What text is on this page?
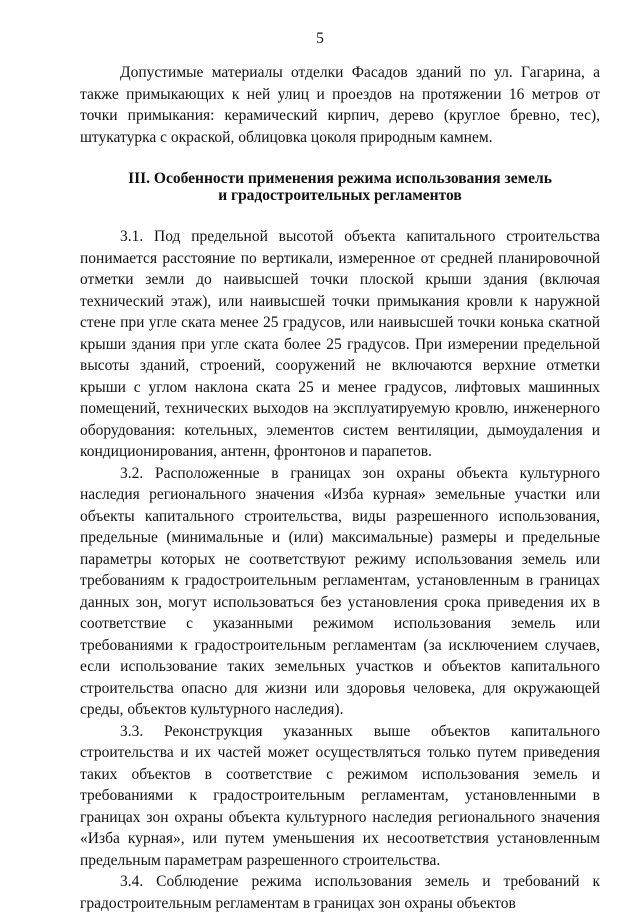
5

Допустимые материалы отделки Фасадов зданий по ул. Гагарина, а также примыкающих к ней улиц и проездов на протяжении 16 метров от точки примыкания: керамический кирпич, дерево (круглое бревно, тес), штукатурка с окраской, облицовка цоколя природным камнем.

III. Особенности применения режима использования земель
и градостроительных регламентов

3.1. Под предельной высотой объекта капитального строительства понимается расстояние по вертикали, измеренное от средней планировочной отметки земли до наивысшей точки плоской крыши здания (включая технический этаж), или наивысшей точки примыкания кровли к наружной стене при угле ската менее 25 градусов, или наивысшей точки конька скатной крыши здания при угле ската более 25 градусов. При измерении предельной высоты зданий, строений, сооружений не включаются верхние отметки крыши с углом наклона ската 25 и менее градусов, лифтовых машинных помещений, технических выходов на эксплуатируемую кровлю, инженерного оборудования: котельных, элементов систем вентиляции, дымоудаления и кондиционирования, антенн, фронтонов и парапетов.

3.2. Расположенные в границах зон охраны объекта культурного наследия регионального значения «Изба курная» земельные участки или объекты капитального строительства, виды разрешенного использования, предельные (минимальные и (или) максимальные) размеры и предельные параметры которых не соответствуют режиму использования земель или требованиям к градостроительным регламентам, установленным в границах данных зон, могут использоваться без установления срока приведения их в соответствие с указанными режимом использования земель или требованиями к градостроительным регламентам (за исключением случаев, если использование таких земельных участков и объектов капитального строительства опасно для жизни или здоровья человека, для окружающей среды, объектов культурного наследия).

3.3. Реконструкция указанных выше объектов капитального строительства и их частей может осуществляться только путем приведения таких объектов в соответствие с режимом использования земель и требованиями к градостроительным регламентам, установленными в границах зон охраны объекта культурного наследия регионального значения «Изба курная», или путем уменьшения их несоответствия установленным предельным параметрам разрешенного строительства.

3.4. Соблюдение режима использования земель и требований к градостроительным регламентам в границах зон охраны объектов
